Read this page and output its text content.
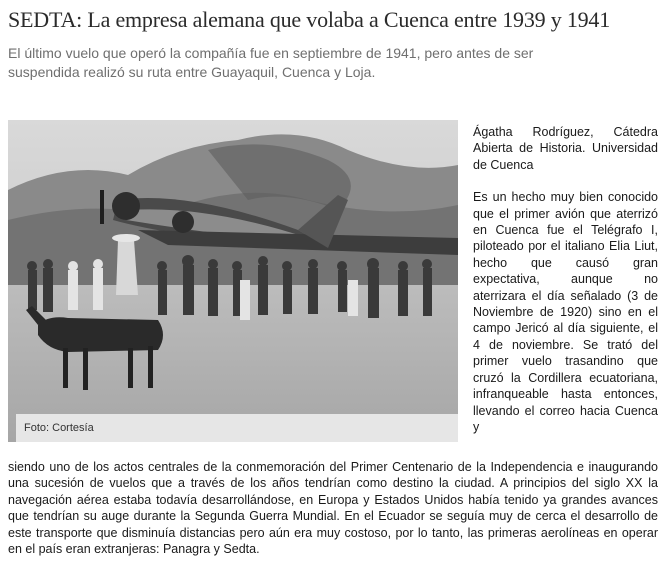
SEDTA: La empresa alemana que volaba a Cuenca entre 1939 y 1941

El último vuelo que operó la compañía fue en septiembre de 1941, pero antes de ser suspendida realizó su ruta entre Guayaquil, Cuenca y Loja.

Foto: Cortesía

Ágatha Rodríguez, Cátedra Abierta de Historia. Universidad de Cuenca

Es un hecho muy bien conocido que el primer avión que aterrizó en Cuenca fue el Telégrafo I, piloteado por el italiano Elia Liut, hecho que causó gran expectativa, aunque no aterrizara el día señalado (3 de Noviembre de 1920) sino en el campo Jericó al día siguiente, el 4 de noviembre. Se trató del primer vuelo trasandino que cruzó la Cordillera ecuatoriana, infranqueable hasta entonces, llevando el correo hacia Cuenca y

siendo uno de los actos centrales de la conmemoración del Primer Centenario de la Independencia e inaugurando una sucesión de vuelos que a través de los años tendrían como destino la ciudad. A principios del siglo XX la navegación aérea estaba todavía desarrollándose, en Europa y Estados Unidos había tenido ya grandes avances que tendrían su auge durante la Segunda Guerra Mundial. En el Ecuador se seguía muy de cerca el desarrollo de este transporte que disminuía distancias pero aún era muy costoso, por lo tanto, las primeras aerolíneas en operar en el país eran extranjeras: Panagra y Sedta.
